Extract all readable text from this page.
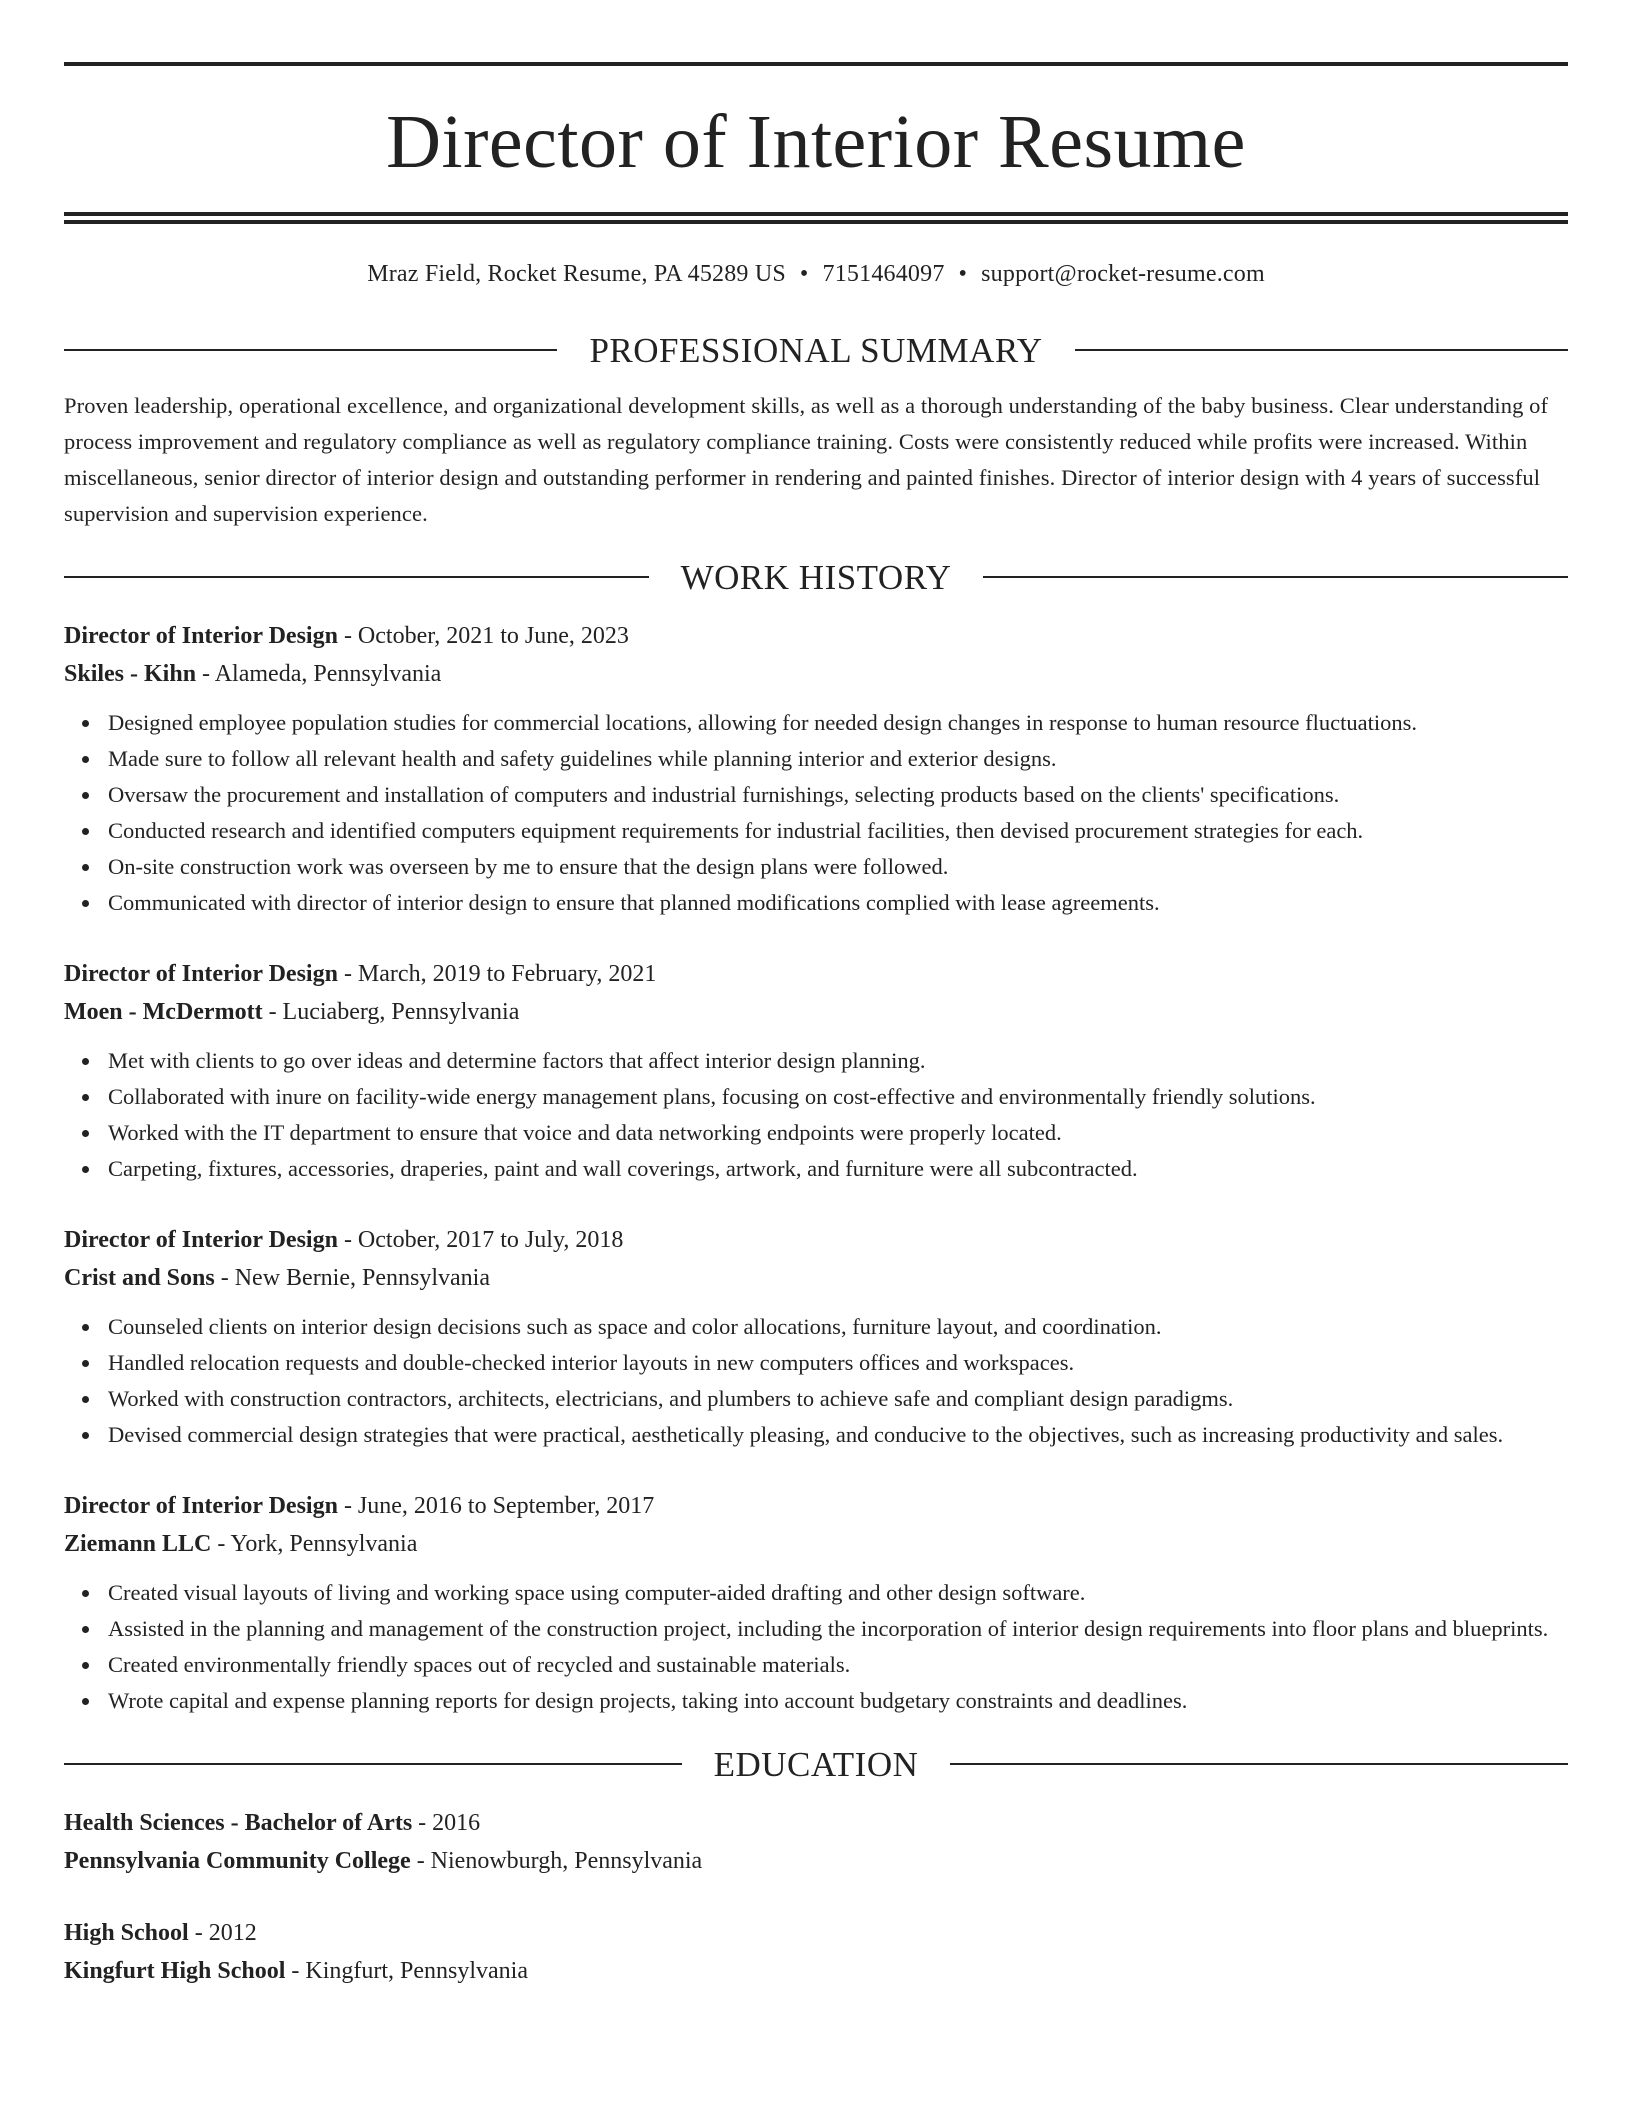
Director of Interior Resume
Mraz Field, Rocket Resume, PA 45289 US • 7151464097 • support@rocket-resume.com
PROFESSIONAL SUMMARY
Proven leadership, operational excellence, and organizational development skills, as well as a thorough understanding of the baby business. Clear understanding of process improvement and regulatory compliance as well as regulatory compliance training. Costs were consistently reduced while profits were increased. Within miscellaneous, senior director of interior design and outstanding performer in rendering and painted finishes. Director of interior design with 4 years of successful supervision and supervision experience.
WORK HISTORY
Director of Interior Design - October, 2021 to June, 2023
Skiles - Kihn - Alameda, Pennsylvania
Designed employee population studies for commercial locations, allowing for needed design changes in response to human resource fluctuations.
Made sure to follow all relevant health and safety guidelines while planning interior and exterior designs.
Oversaw the procurement and installation of computers and industrial furnishings, selecting products based on the clients' specifications.
Conducted research and identified computers equipment requirements for industrial facilities, then devised procurement strategies for each.
On-site construction work was overseen by me to ensure that the design plans were followed.
Communicated with director of interior design to ensure that planned modifications complied with lease agreements.
Director of Interior Design - March, 2019 to February, 2021
Moen - McDermott - Luciaberg, Pennsylvania
Met with clients to go over ideas and determine factors that affect interior design planning.
Collaborated with inure on facility-wide energy management plans, focusing on cost-effective and environmentally friendly solutions.
Worked with the IT department to ensure that voice and data networking endpoints were properly located.
Carpeting, fixtures, accessories, draperies, paint and wall coverings, artwork, and furniture were all subcontracted.
Director of Interior Design - October, 2017 to July, 2018
Crist and Sons - New Bernie, Pennsylvania
Counseled clients on interior design decisions such as space and color allocations, furniture layout, and coordination.
Handled relocation requests and double-checked interior layouts in new computers offices and workspaces.
Worked with construction contractors, architects, electricians, and plumbers to achieve safe and compliant design paradigms.
Devised commercial design strategies that were practical, aesthetically pleasing, and conducive to the objectives, such as increasing productivity and sales.
Director of Interior Design - June, 2016 to September, 2017
Ziemann LLC - York, Pennsylvania
Created visual layouts of living and working space using computer-aided drafting and other design software.
Assisted in the planning and management of the construction project, including the incorporation of interior design requirements into floor plans and blueprints.
Created environmentally friendly spaces out of recycled and sustainable materials.
Wrote capital and expense planning reports for design projects, taking into account budgetary constraints and deadlines.
EDUCATION
Health Sciences - Bachelor of Arts - 2016
Pennsylvania Community College - Nienowburgh, Pennsylvania
High School - 2012
Kingfurt High School - Kingfurt, Pennsylvania
